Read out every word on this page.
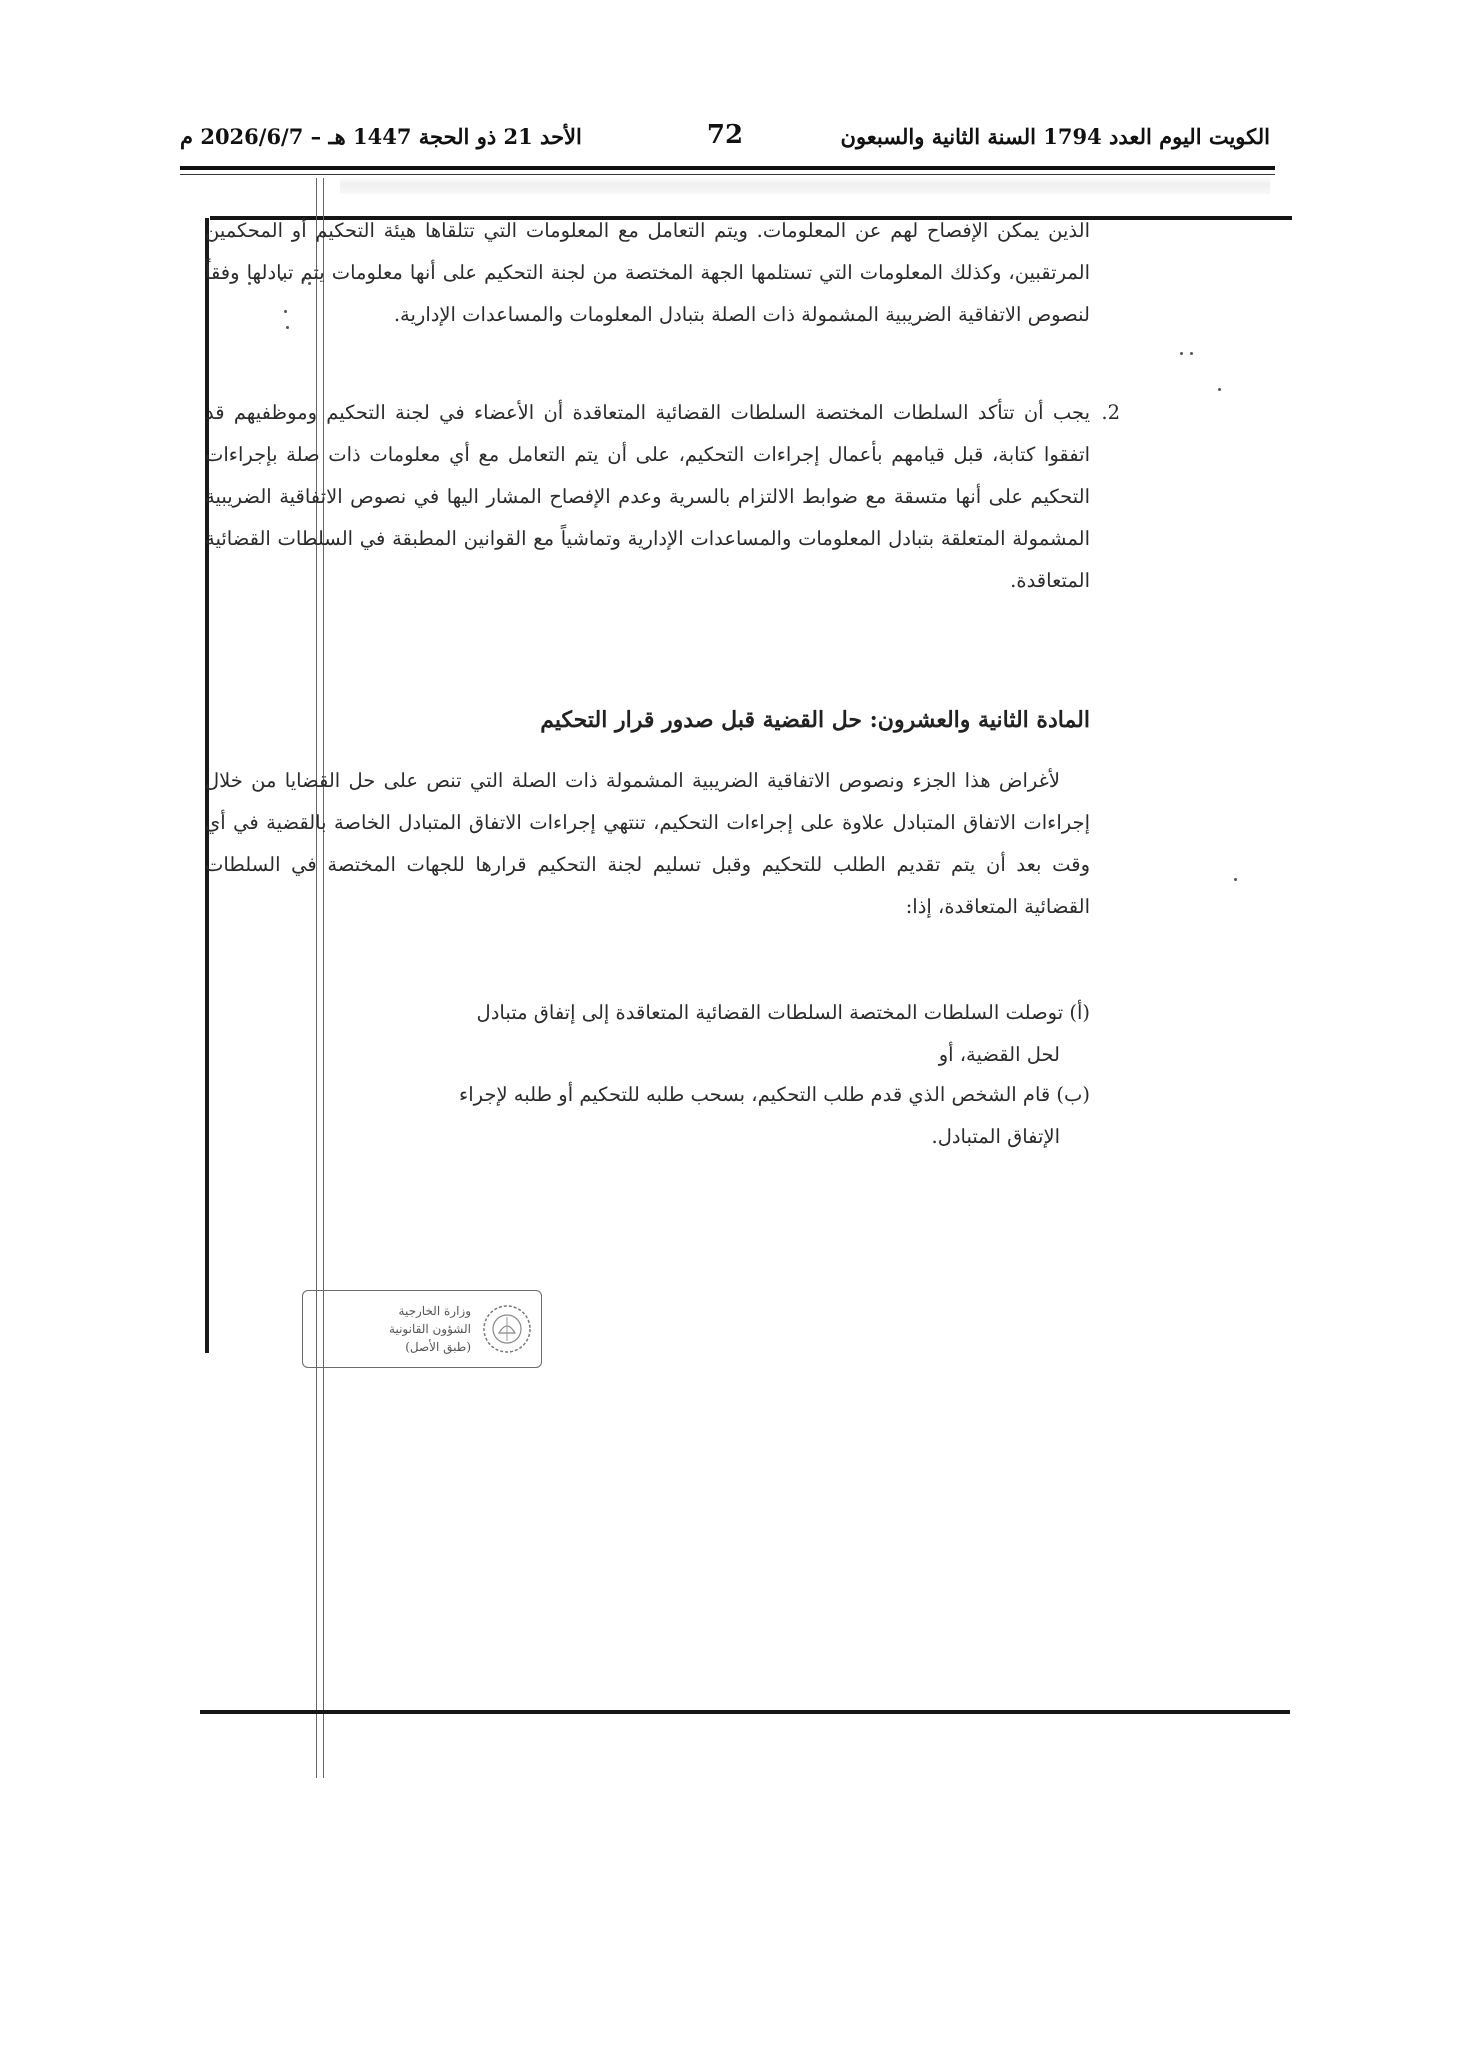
الكويت اليوم العدد 1794 السنة الثانية والسبعون
72
الأحد 21 ذو الحجة 1447 هـ – 2026/6/7 م
الذين يمكن الإفصاح لهم عن المعلومات. ويتم التعامل مع المعلومات التي تتلقاها هيئة التحكيم أو المحكمين المرتقبين، وكذلك المعلومات التي تستلمها الجهة المختصة من لجنة التحكيم على أنها معلومات يتم تبادلها وفقاً لنصوص الاتفاقية الضريبية المشمولة ذات الصلة بتبادل المعلومات والمساعدات الإدارية.
2.
يجب أن تتأكد السلطات المختصة السلطات القضائية المتعاقدة أن الأعضاء في لجنة التحكيم وموظفيهم قد اتفقوا كتابة، قبل قيامهم بأعمال إجراءات التحكيم، على أن يتم التعامل مع أي معلومات ذات صلة بإجراءات التحكيم على أنها متسقة مع ضوابط الالتزام بالسرية وعدم الإفصاح المشار اليها في نصوص الاتفاقية الضريبية المشمولة المتعلقة بتبادل المعلومات والمساعدات الإدارية وتماشياً مع القوانين المطبقة في السلطات القضائية المتعاقدة.
المادة الثانية والعشرون: حل القضية قبل صدور قرار التحكيم
لأغراض هذا الجزء ونصوص الاتفاقية الضريبية المشمولة ذات الصلة التي تنص على حل القضايا من خلال إجراءات الاتفاق المتبادل علاوة على إجراءات التحكيم، تنتهي إجراءات الاتفاق المتبادل الخاصة بالقضية في أي وقت بعد أن يتم تقديم الطلب للتحكيم وقبل تسليم لجنة التحكيم قرارها للجهات المختصة في السلطات القضائية المتعاقدة، إذا:
(أ) توصلت السلطات المختصة السلطات القضائية المتعاقدة إلى إتفاق متبادل
لحل القضية، أو
(ب) قام الشخص الذي قدم طلب التحكيم، بسحب طلبه للتحكيم أو طلبه لإجراء
الإتفاق المتبادل.
وزارة الخارجية
الشؤون القانونية
(طبق الأصل)
